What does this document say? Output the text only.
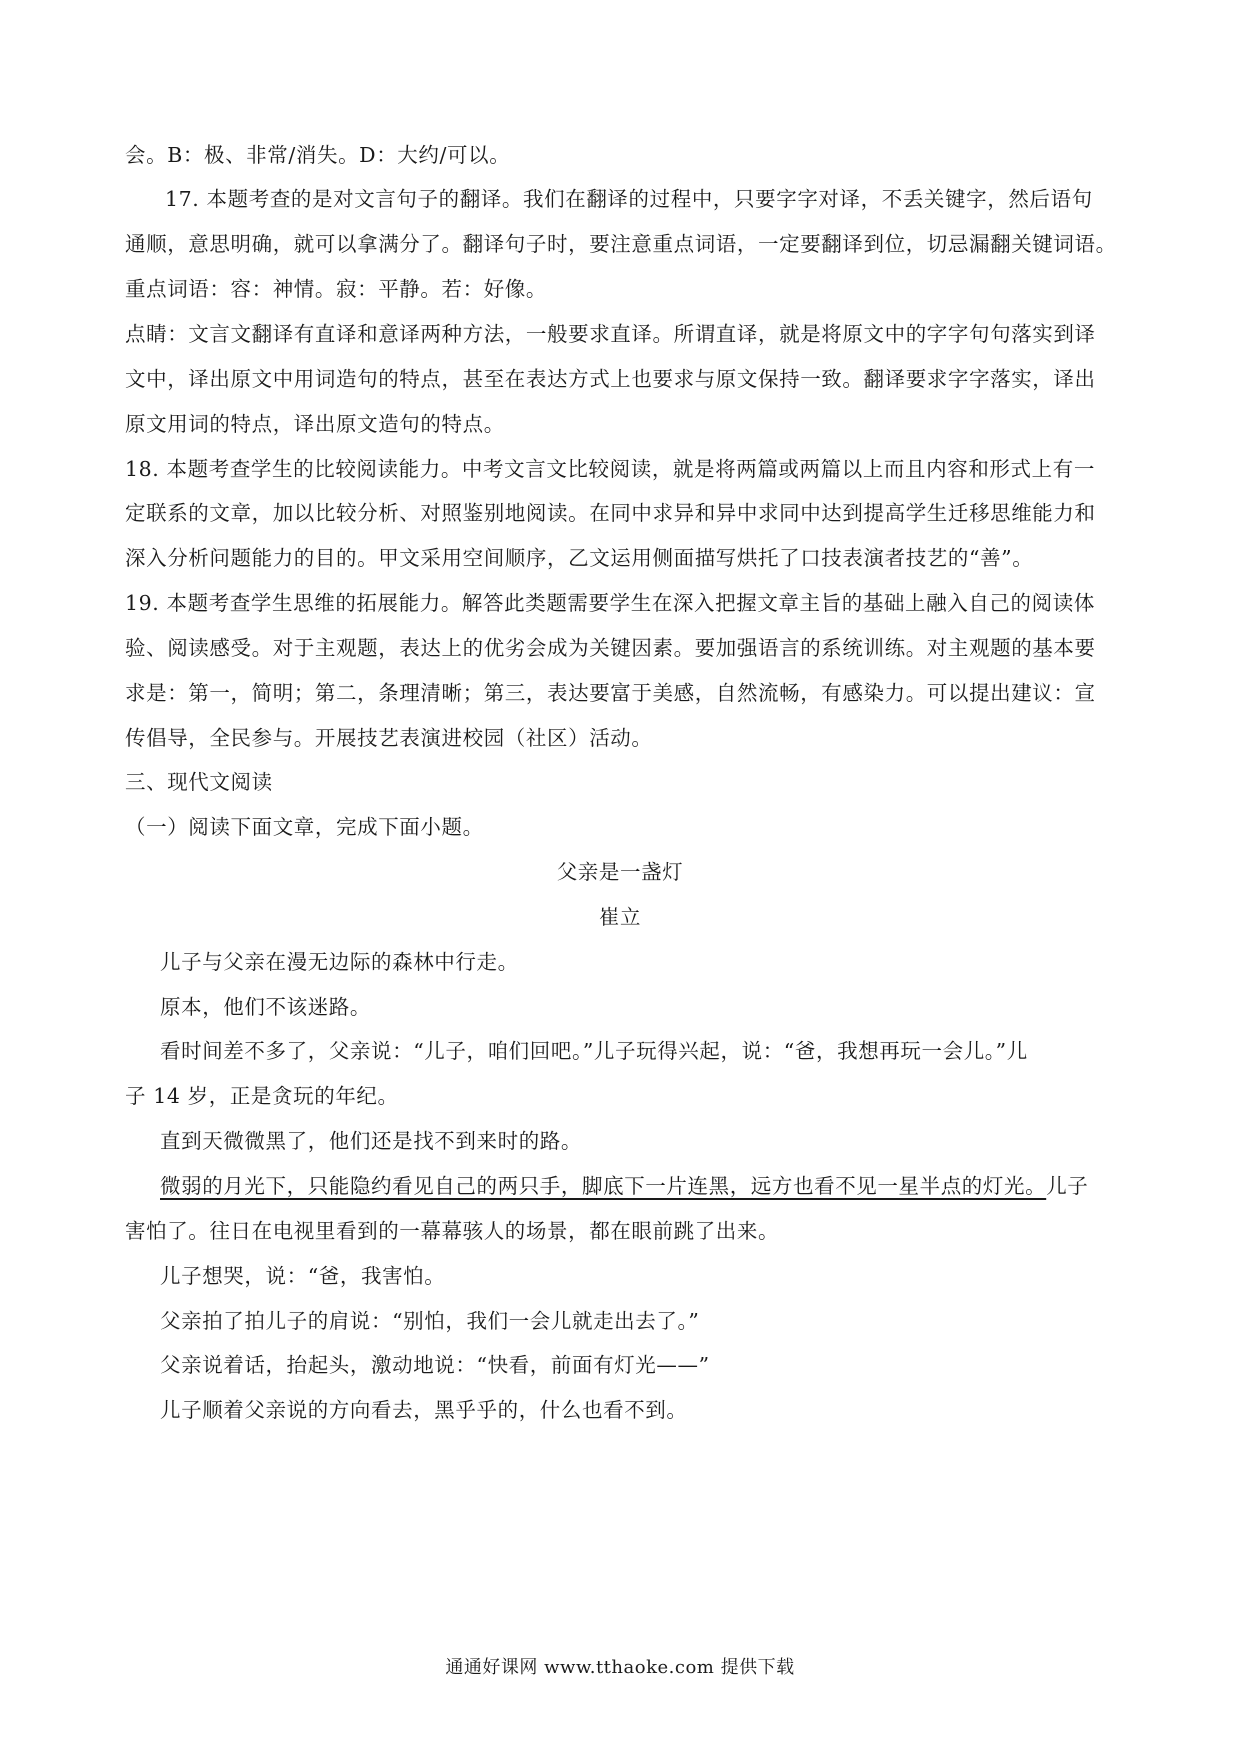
会。B：极、非常/消失。D：大约/可以。
17. 本题考查的是对文言句子的翻译。我们在翻译的过程中，只要字字对译，不丢关键字，然后语句
通顺，意思明确，就可以拿满分了。翻译句子时，要注意重点词语，一定要翻译到位，切忌漏翻关键词语。
重点词语：容：神情。寂：平静。若：好像。
点睛：文言文翻译有直译和意译两种方法，一般要求直译。所谓直译，就是将原文中的字字句句落实到译
文中，译出原文中用词造句的特点，甚至在表达方式上也要求与原文保持一致。翻译要求字字落实，译出
原文用词的特点，译出原文造句的特点。
18. 本题考查学生的比较阅读能力。中考文言文比较阅读，就是将两篇或两篇以上而且内容和形式上有一
定联系的文章，加以比较分析、对照鉴别地阅读。在同中求异和异中求同中达到提高学生迁移思维能力和
深入分析问题能力的目的。甲文采用空间顺序，乙文运用侧面描写烘托了口技表演者技艺的“善”。
19. 本题考查学生思维的拓展能力。解答此类题需要学生在深入把握文章主旨的基础上融入自己的阅读体
验、阅读感受。对于主观题，表达上的优劣会成为关键因素。要加强语言的系统训练。对主观题的基本要
求是：第一，简明；第二，条理清晰；第三，表达要富于美感，自然流畅，有感染力。可以提出建议：宣
传倡导，全民参与。开展技艺表演进校园（社区）活动。
三、现代文阅读
（一）阅读下面文章，完成下面小题。
父亲是一盏灯
崔立
儿子与父亲在漫无边际的森林中行走。
原本，他们不该迷路。
看时间差不多了，父亲说：“儿子，咱们回吧。”儿子玩得兴起，说：“爸，我想再玩一会儿。”儿
子 14 岁，正是贪玩的年纪。
直到天微微黑了，他们还是找不到来时的路。
微弱的月光下，只能隐约看见自己的两只手，脚底下一片连黑，远方也看不见一星半点的灯光。儿子
害怕了。往日在电视里看到的一幕幕骇人的场景，都在眼前跳了出来。
儿子想哭，说：“爸，我害怕。
父亲拍了拍儿子的肩说：“别怕，我们一会儿就走出去了。”
父亲说着话，抬起头，激动地说：“快看，前面有灯光——”
儿子顺着父亲说的方向看去，黑乎乎的，什么也看不到。
通通好课网 www.tthaoke.com 提供下载
